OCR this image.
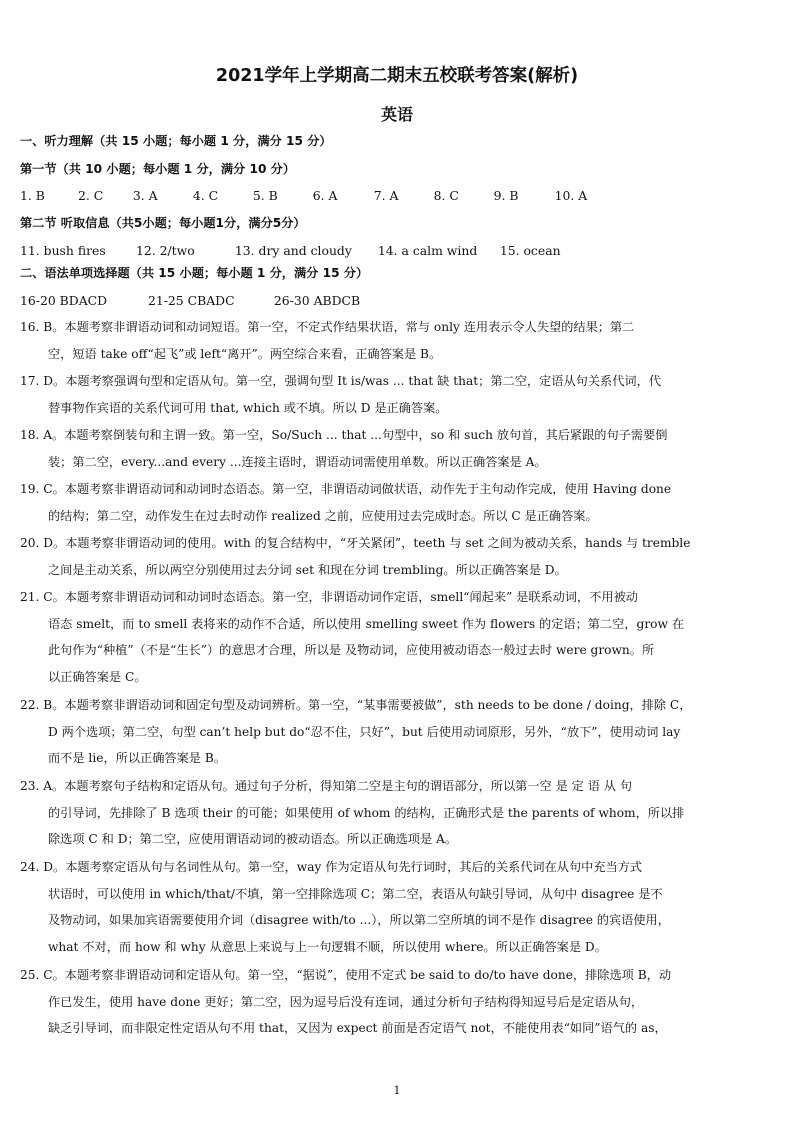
2021学年上学期高二期末五校联考答案(解析)
英语
一、听力理解（共 15 小题；每小题 1 分，满分 15 分）
第一节（共 10 小题；每小题 1 分，满分 10 分）
1. B	2. C 3. A	4. C	5. B	6. A	7. A	8. C	9. B	10. A
第二节 听取信息（共5小题；每小题1分，满分5分）
11. bush fires 12. 2/two	13. dry and cloudy 14. a calm wind 15. ocean
二、语法单项选择题（共 15 小题；每小题 1 分，满分 15 分）
16-20 BDACD	21-25 CBADC	26-30 ABDCB
16. B。本题考察非谓语动词和动词短语。第一空，不定式作结果状语，常与 only 连用表示令人失望的结果；第二
空，短语 take off“起飞”或 left“离开”。两空综合来看，正确答案是 B。
17. D。本题考察强调句型和定语从句。第一空，强调句型 It is/was ... that 缺 that；第二空，定语从句关系代词，代
替事物作宾语的关系代词可用 that, which 或不填。所以 D 是正确答案。
18. A。本题考察倒装句和主谓一致。第一空，So/Such ... that ...句型中，so 和 such 放句首，其后紧跟的句子需要倒
装；第二空，every...and every ...连接主语时，谓语动词需使用单数。所以正确答案是 A。
19. C。本题考察非谓语动词和动词时态语态。第一空，非谓语动词做状语，动作先于主句动作完成，使用 Having done
的结构；第二空，动作发生在过去时动作 realized 之前，应使用过去完成时态。所以 C 是正确答案。
20. D。本题考察非谓语动词的使用。with 的复合结构中，“牙关紧闭”，teeth 与 set 之间为被动关系，hands 与 tremble
之间是主动关系，所以两空分别使用过去分词 set 和现在分词 trembling。所以正确答案是 D。
21. C。本题考察非谓语动词和动词时态语态。第一空，非谓语动词作定语，smell“闻起来” 是联系动词，不用被动
语态 smelt，而 to smell 表将来的动作不合适，所以使用 smelling sweet 作为 flowers 的定语；第二空，grow 在
此句作为“种植”（不是“生长”）的意思才合理，所以是 及物动词，应使用被动语态一般过去时 were grown。所
以正确答案是 C。
22. B。本题考察非谓语动词和固定句型及动词辨析。第一空，“某事需要被做”，sth needs to be done / doing，排除 C，
D 两个选项；第二空，句型 can’t help but do“忍不住，只好”，but 后使用动词原形，另外，“放下”，使用动词 lay
而不是 lie，所以正确答案是 B。
23. A。本题考察句子结构和定语从句。通过句子分析，得知第二空是主句的谓语部分，所以第一空 是 定 语 从 句
的引导词，先排除了 B 选项 their 的可能；如果使用 of whom 的结构，正确形式是 the parents of whom，所以排
除选项 C 和 D；第二空，应使用谓语动词的被动语态。所以正确选项是 A。
24. D。本题考察定语从句与名词性从句。第一空，way 作为定语从句先行词时，其后的关系代词在从句中充当方式
状语时，可以使用 in which/that/不填，第一空排除选项 C；第二空，表语从句缺引导词，从句中 disagree 是不
及物动词，如果加宾语需要使用介词（disagree with/to ...），所以第二空所填的词不是作 disagree 的宾语使用，
what 不对，而 how 和 why 从意思上来说与上一句逻辑不顺，所以使用 where。所以正确答案是 D。
25. C。本题考察非谓语动词和定语从句。第一空，“据说”，使用不定式 be said to do/to have done，排除选项 B，动
作已发生，使用 have done 更好；第二空，因为逗号后没有连词，通过分析句子结构得知逗号后是定语从句，
缺乏引导词，而非限定性定语从句不用 that，又因为 expect 前面是否定语气 not，不能使用表“如同”语气的 as，
1
